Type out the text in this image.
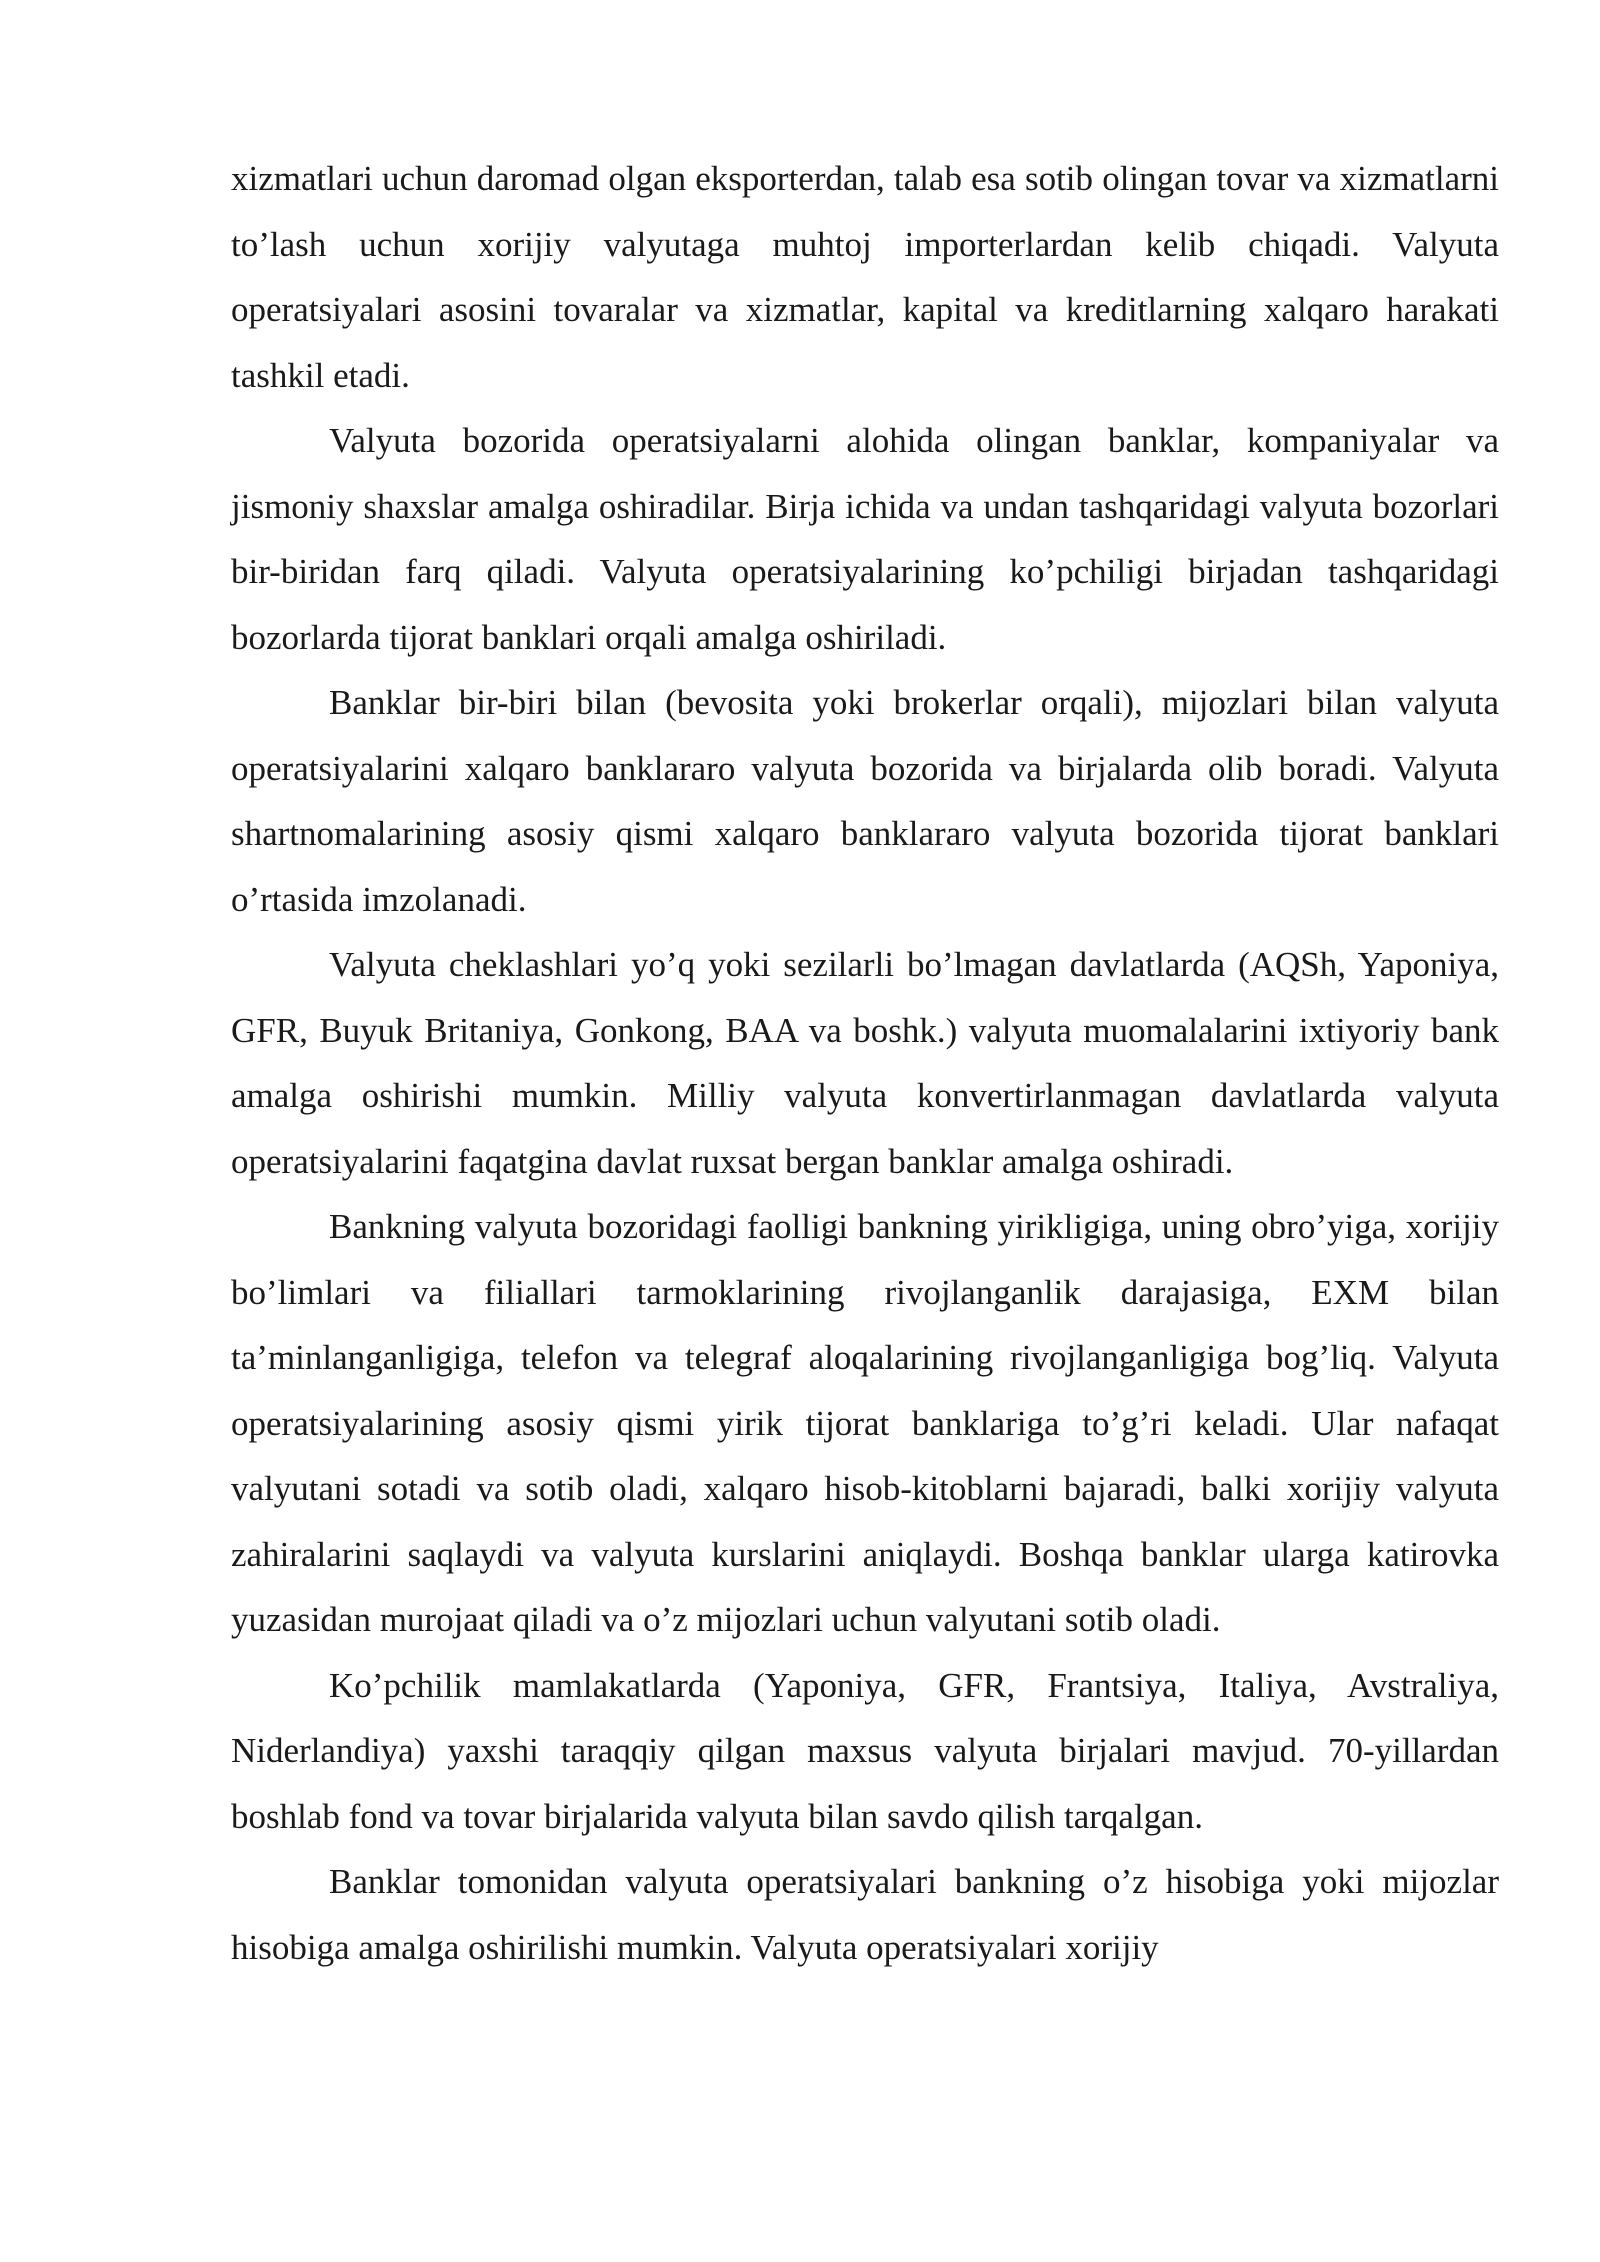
xizmatlari uchun daromad olgan eksporterdan, talab esa sotib olingan tovar va xizmatlarni to’lash uchun xorijiy valyutaga muhtoj importerlardan kelib chiqadi. Valyuta operatsiyalari asosini tovaralar va xizmatlar, kapital va kreditlarning xalqaro harakati tashkil etadi.

Valyuta bozorida operatsiyalarni alohida olingan banklar, kompaniyalar va jismoniy shaxslar amalga oshiradilar. Birja ichida va undan tashqaridagi valyuta bozorlari bir-biridan farq qiladi. Valyuta operatsiyalarining ko’pchiligi birjadan tashqaridagi bozorlarda tijorat banklari orqali amalga oshiriladi.

Banklar bir-biri bilan (bevosita yoki brokerlar orqali), mijozlari bilan valyuta operatsiyalarini xalqaro banklararo valyuta bozorida va birjalarda olib boradi. Valyuta shartnomalarining asosiy qismi xalqaro banklararo valyuta bozorida tijorat banklari o’rtasida imzolanadi.

Valyuta cheklashlari yo’q yoki sezilarli bo’lmagan davlatlarda (AQSh, Yaponiya, GFR, Buyuk Britaniya, Gonkong, BAA va boshk.) valyuta muomalalarini ixtiyoriy bank amalga oshirishi mumkin. Milliy valyuta konvertirlanmagan davlatlarda valyuta operatsiyalarini faqatgina davlat ruxsat bergan banklar amalga oshiradi.

Bankning valyuta bozoridagi faolligi bankning yirikligiga, uning obro’yiga, xorijiy bo’limlari va filiallari tarmoklarining rivojlanganlik darajasiga, EXM bilan ta’minlanganligiga, telefon va telegraf aloqalarining rivojlanganligiga bog’liq. Valyuta operatsiyalarining asosiy qismi yirik tijorat banklariga to’g’ri keladi. Ular nafaqat valyutani sotadi va sotib oladi, xalqaro hisob-kitoblarni bajaradi, balki xorijiy valyuta zahiralarini saqlaydi va valyuta kurslarini aniqlaydi. Boshqa banklar ularga katirovka yuzasidan murojaat qiladi va o’z mijozlari uchun valyutani sotib oladi.

Ko’pchilik mamlakatlarda (Yaponiya, GFR, Frantsiya, Italiya, Avstraliya, Niderlandiya) yaxshi taraqqiy qilgan maxsus valyuta birjalari mavjud. 70-yillardan boshlab fond va tovar birjalarida valyuta bilan savdo qilish tarqalgan.

Banklar tomonidan valyuta operatsiyalari bankning o’z hisobiga yoki mijozlar hisobiga amalga oshirilishi mumkin. Valyuta operatsiyalari xorijiy
